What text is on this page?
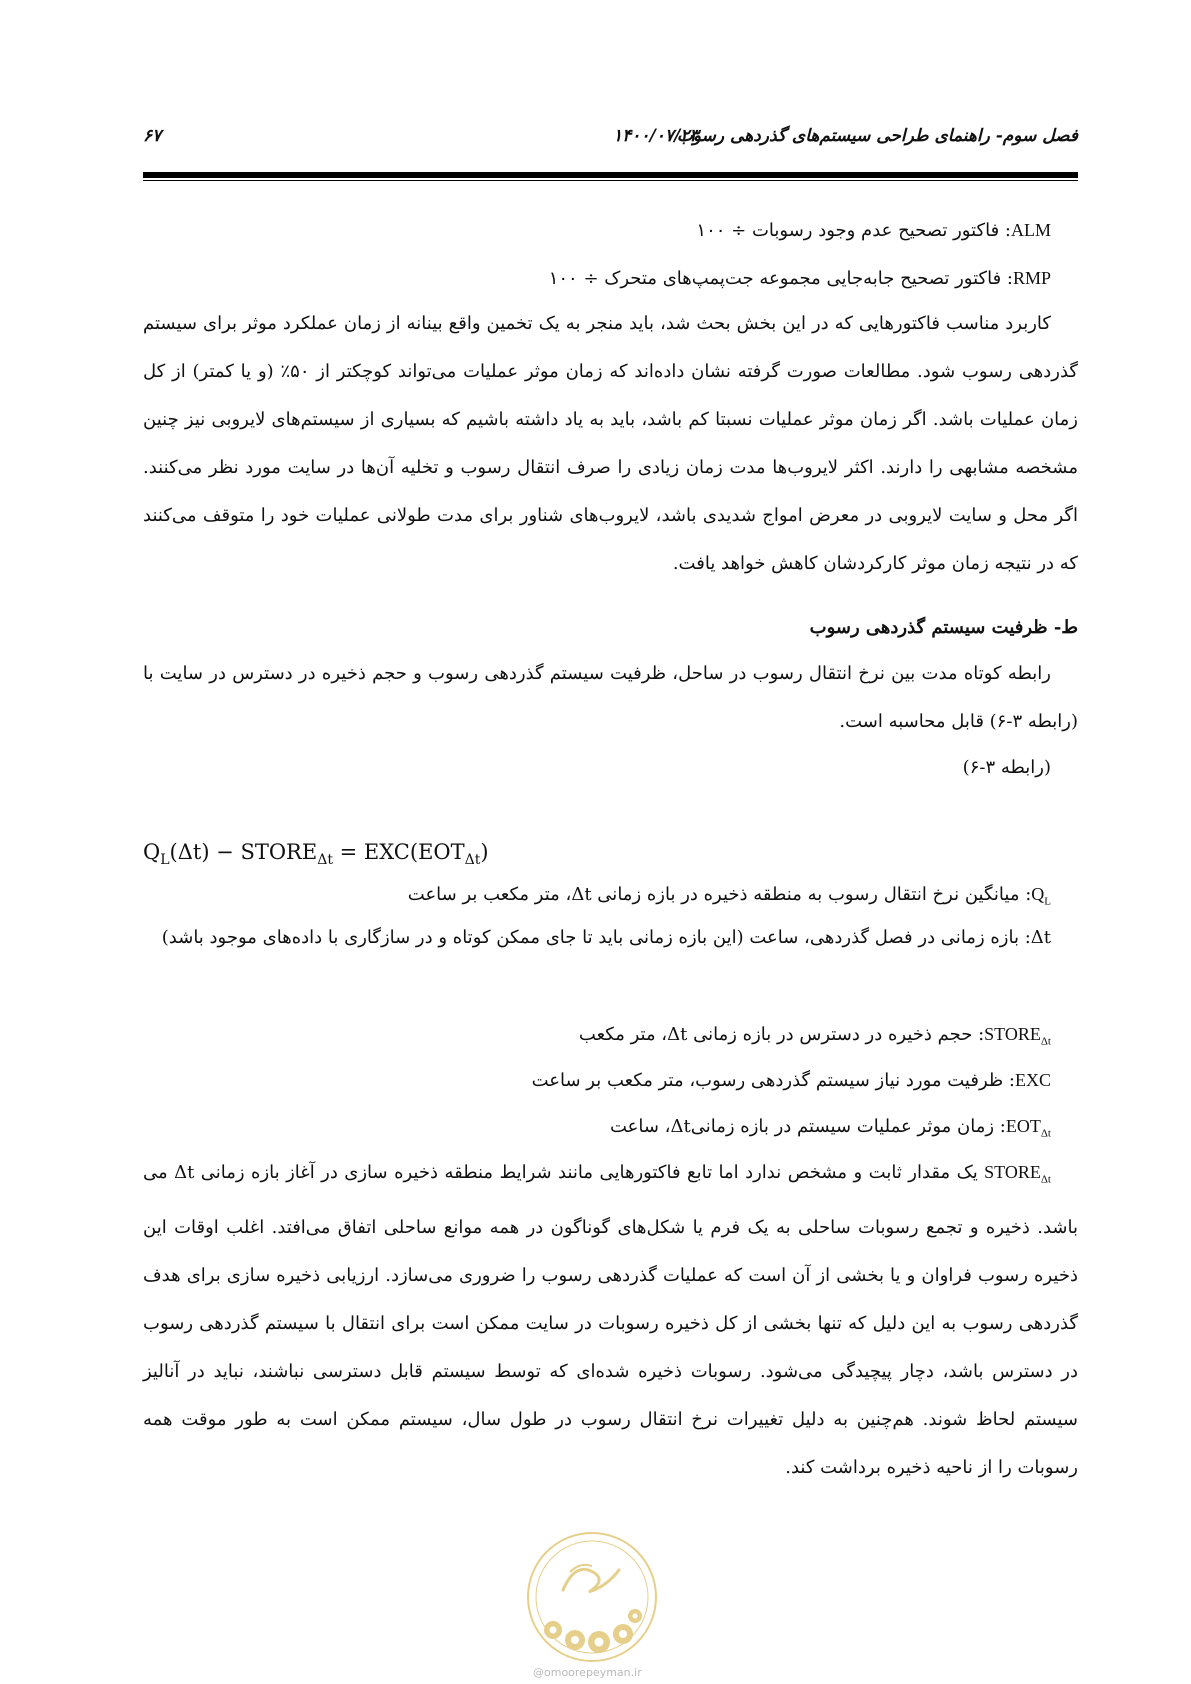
فصل سوم- راهنمای طراحی سیستم‌های گذردهی رسوب
۱۴۰۰/۰۷/۲۳
۶۷
ALM: فاکتور تصحیح عدم وجود رسوبات ÷ ۱۰۰
RMP: فاکتور تصحیح جابه‌جایی مجموعه جت‌پمپ‌های متحرک ÷ ۱۰۰

کاربرد مناسب فاکتورهایی که در این بخش بحث شد، باید منجر به یک تخمین واقع بینانه از زمان عملکرد موثر برای سیستم گذردهی رسوب شود. مطالعات صورت گرفته نشان داده‌اند که زمان موثر عملیات می‌تواند کوچکتر از ۵۰٪ (و یا کمتر) از کل زمان عملیات باشد. اگر زمان موثر عملیات نسبتا کم باشد، باید به یاد داشته باشیم که بسیاری از سیستم‌های لایروبی نیز چنین مشخصه مشابهی را دارند. اکثر لایروب‌ها مدت زمان زیادی را صرف انتقال رسوب و تخلیه آن‌ها در سایت مورد نظر می‌کنند. اگر محل و سایت لایروبی در معرض امواج شدیدی باشد، لایروب‌های شناور برای مدت طولانی عملیات خود را متوقف می‌کنند که در نتیجه زمان موثر کارکردشان کاهش خواهد یافت.

ط- ظرفیت سیستم گذردهی رسوب

رابطه کوتاه مدت بین نرخ انتقال رسوب در ساحل، ظرفیت سیستم گذردهی رسوب و حجم ذخیره در دسترس در سایت با (رابطه ۳-۶) قابل محاسبه است.

(رابطه ۳-۶)
$Q_L(\Delta t)$ − $STORE_{\Delta t} = EXC(EOT_{\Delta t})$
$Q_L$: میانگین نرخ انتقال رسوب به منطقه ذخیره در بازه زمانی Δt، متر مکعب بر ساعت

Δt: بازه زمانی در فصل گذردهی، ساعت (این بازه زمانی باید تا جای ممکن کوتاه و در سازگاری با داده‌های موجود باشد)

$STORE_{\Delta t}$: حجم ذخیره در دسترس در بازه زمانی Δt، متر مکعب
EXC: ظرفیت مورد نیاز سیستم گذردهی رسوب، متر مکعب بر ساعت
$EOT_{\Delta t}$: زمان موثر عملیات سیستم در بازه زمانیΔt، ساعت

$STORE_{\Delta t}$ یک مقدار ثابت و مشخص ندارد اما تابع فاکتورهایی مانند شرایط منطقه ذخیره سازی در آغاز بازه زمانی Δt می باشد. ذخیره و تجمع رسوبات ساحلی به یک فرم یا شکل‌های گوناگون در همه موانع ساحلی اتفاق می‌افتد. اغلب اوقات این ذخیره رسوب فراوان و یا بخشی از آن است که عملیات گذردهی رسوب را ضروری می‌سازد. ارزیابی ذخیره سازی برای هدف گذردهی رسوب به این دلیل که تنها بخشی از کل ذخیره رسوبات در سایت ممکن است برای انتقال با سیستم گذردهی رسوب در دسترس باشد، دچار پیچیدگی می‌شود. رسوبات ذخیره شده‌ای که توسط سیستم قابل دسترسی نباشند، نباید در آنالیز سیستم لحاظ شوند. هم‌چنین به دلیل تغییرات نرخ انتقال رسوب در طول سال، سیستم ممکن است به طور موقت همه رسوبات را از ناحیه ذخیره برداشت کند.

@omoorepeyman.ir
